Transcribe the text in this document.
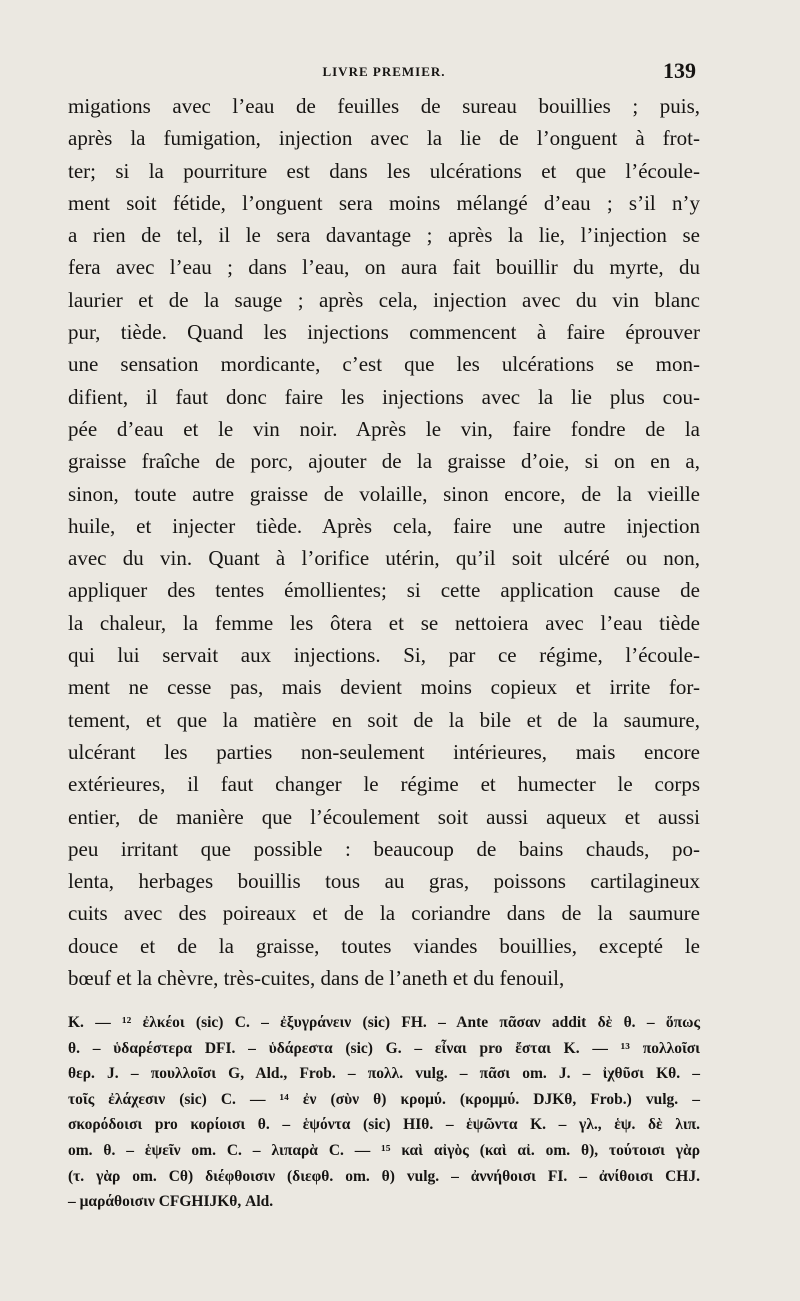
LIVRE PREMIER.	139
migations avec l’eau de feuilles de sureau bouillies ; puis,
après la fumigation, injection avec la lie de l’onguent à frot-
ter; si la pourriture est dans les ulcérations et que l’écoule-
ment soit fétide, l’onguent sera moins mélangé d’eau ; s’il n’y
a rien de tel, il le sera davantage ; après la lie, l’injection se
fera avec l’eau ; dans l’eau, on aura fait bouillir du myrte, du
laurier et de la sauge ; après cela, injection avec du vin blanc
pur, tiède. Quand les injections commencent à faire éprouver
une sensation mordicante, c’est que les ulcérations se mon-
difient, il faut donc faire les injections avec la lie plus cou-
pée d’eau et le vin noir. Après le vin, faire fondre de la
graisse fraîche de porc, ajouter de la graisse d’oie, si on en a,
sinon, toute autre graisse de volaille, sinon encore, de la vieille
huile, et injecter tiède. Après cela, faire une autre injection
avec du vin. Quant à l’orifice utérin, qu’il soit ulcéré ou non,
appliquer des tentes émollientes; si cette application cause de
la chaleur, la femme les ôtera et se nettoiera avec l’eau tiède
qui lui servait aux injections. Si, par ce régime, l’écoule-
ment ne cesse pas, mais devient moins copieux et irrite for-
tement, et que la matière en soit de la bile et de la saumure,
ulcérant les parties non-seulement intérieures, mais encore
extérieures, il faut changer le régime et humecter le corps
entier, de manière que l’écoulement soit aussi aqueux et aussi
peu irritant que possible : beaucoup de bains chauds, po-
lenta, herbages bouillis tous au gras, poissons cartilagineux
cuits avec des poireaux et de la coriandre dans de la saumure
douce et de la graisse, toutes viandes bouillies, excepté le
bœuf et la chèvre, très-cuites, dans de l’aneth et du fenouil,
K. — ¹² ἐλκέοι (sic) C. – ἐξυγράνειν (sic) FH. – Ante πᾶσαν addit δὲ θ. – ὅπως
θ. – ὑδαρέστερα DFI. – ὑδάρεστα (sic) G. – εἶναι pro ἔσται K. — ¹³ πολλοῖσι
θερ. J. – πουλλοῖσι G, Ald., Frob. – πολλ. vulg. – πᾶσι om. J. – ἰχθῦσι Kθ. –
τοῖς ἐλάχεσιν (sic) C. — ¹⁴ ἐν (σὺν θ) κρομύ. (κρομμύ. DJKθ, Frob.) vulg. –
σκορόδοισι pro κορίοισι θ. – ἑψόντα (sic) HIθ. – ἑψῶντα K. – γλ., ἑψ. δὲ λιπ.
om. θ. – ἑψεῖν om. C. – λιπαρὰ C. — ¹⁵ καὶ αἰγὸς (καὶ αἰ. om. θ), τούτοισι γὰρ
(τ. γὰρ om. Cθ) διέφθοισιν (διεφθ. om. θ) vulg. – ἀννήθοισι FI. – ἀνίθοισι CHJ.
– μαράθοισιν CFGHIJKθ, Ald.
